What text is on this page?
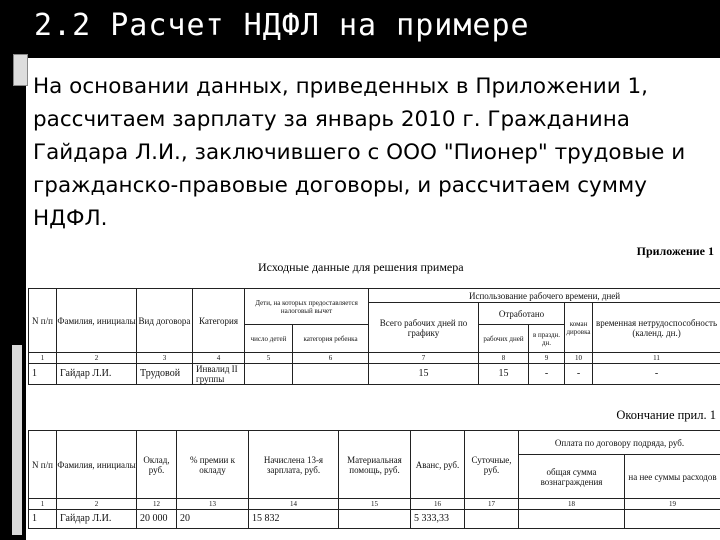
2.2 Расчет НДФЛ на примере
На основании данных, приведенных в Приложении 1, рассчитаем зарплату за январь 2010 г. Гражданина Гайдара Л.И., заключившего с ООО "Пионер" трудовые и гражданско-правовые договоры, и рассчитаем сумму НДФЛ.
Приложение 1
Исходные данные для решения примера
N п/п	Фамилия, инициалы	Вид договора	Категория	Дети, на которых предоставляется налоговый вычет		Использование рабочего времени, дней				
						Всего рабочих дней по графику	Отработано		коман дировка	временная нетрудоспособность (календ. дн.)
				число детей	категория ребенка		рабочих дней	в праздн. дн.		
1	2	3	4	5	6	7	8	9	10	11
1	Гайдар Л.И.	Трудовой	Инвалид II группы			15	15	-	-	-
Окончание прил. 1
N п/п	Фамилия, инициалы	Оклад, руб.	% премии к окладу	Начислена 13-я зарплата, руб.	Материальная помощь, руб.	Аванс, руб.	Суточные, руб.	Оплата по договору подряда, руб.	
								общая сумма вознаграждения	на нее суммы расходов
1	2	12	13	14	15	16	17	18	19
1	Гайдар Л.И.	20 000	20	15 832		5 333,33			
